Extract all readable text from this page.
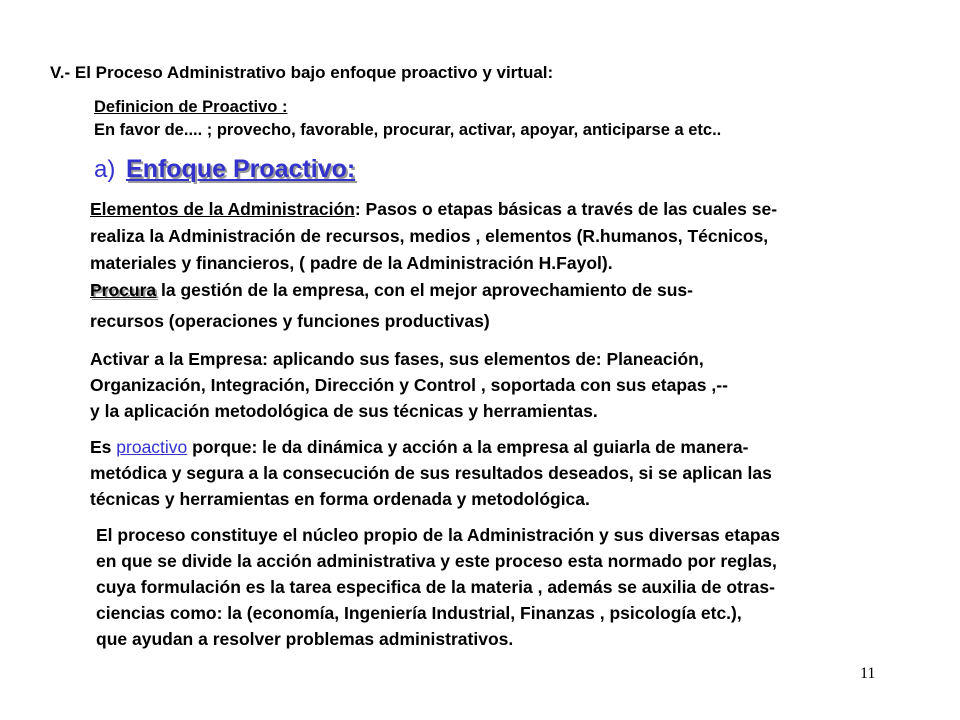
V.- El Proceso Administrativo bajo enfoque proactivo y virtual:
Definicion de Proactivo :
En favor de.... ; provecho, favorable, procurar, activar, apoyar, anticiparse a etc..
a) Enfoque Proactivo:
Elementos de la Administración: Pasos o etapas básicas a través de las cuales se-
realiza la Administración de recursos, medios , elementos (R.humanos, Técnicos,
materiales y financieros, ( padre de la Administración H.Fayol).
Procura la gestión de la empresa, con el mejor aprovechamiento de sus-
recursos (operaciones y funciones productivas)
Activar a la Empresa: aplicando sus fases, sus elementos de: Planeación,
Organización, Integración, Dirección y Control , soportada con sus etapas ,--
y la aplicación metodológica de sus técnicas y herramientas.
Es proactivo porque: le da dinámica y acción a la empresa al guiarla de manera-
metódica y segura a la consecución de sus resultados deseados, si se aplican las
técnicas y herramientas en forma ordenada y metodológica.
El proceso constituye el núcleo propio de la Administración y sus diversas etapas
en que se divide la acción administrativa y este proceso esta normado por reglas,
cuya formulación es la tarea especifica de la materia , además se auxilia de otras-
ciencias como: la (economía, Ingeniería Industrial, Finanzas , psicología etc.),
que ayudan a resolver problemas administrativos.
11
